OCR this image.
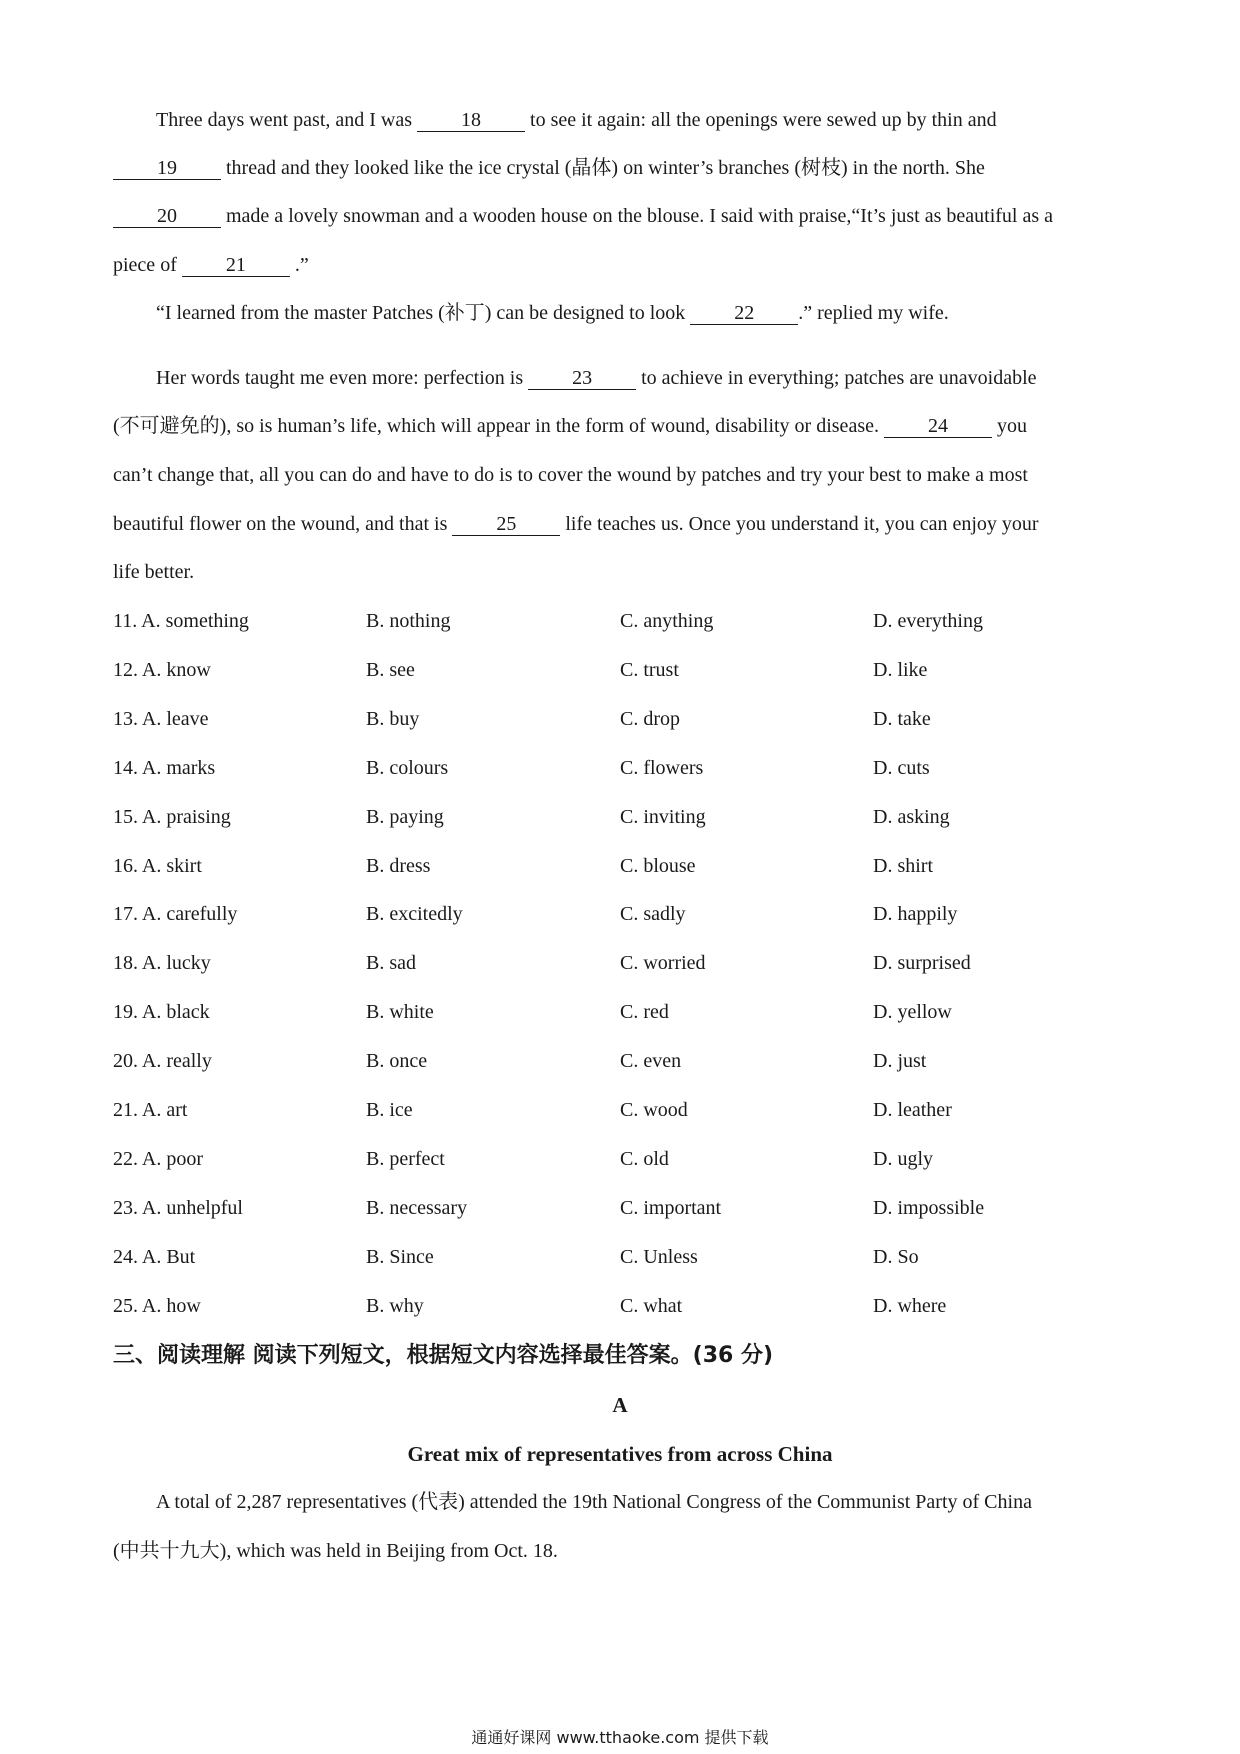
Three days went past, and I was 18 to see it again: all the openings were sewed up by thin and
19 thread and they looked like the ice crystal (晶体) on winter’s branches (树枝) in the north. She
20 made a lovely snowman and a wooden house on the blouse. I said with praise,“It’s just as beautiful as a
piece of 21 .”
“I learned from the master Patches (补丁) can be designed to look 22 .” replied my wife.
Her words taught me even more: perfection is 23 to achieve in everything; patches are unavoidable
(不可避免的), so is human’s life, which will appear in the form of wound, disability or disease. 24 you
can’t change that, all you can do and have to do is to cover the wound by patches and try your best to make a most
beautiful flower on the wound, and that is 25 life teaches us. Once you understand it, you can enjoy your
life better.
11. A. something	B. nothing	C. anything	D. everything
12. A. know	B. see	C. trust	D. like
13. A. leave	B. buy	C. drop	D. take
14. A. marks	B. colours	C. flowers	D. cuts
15. A. praising	B. paying	C. inviting	D. asking
16. A. skirt	B. dress	C. blouse	D. shirt
17. A. carefully	B. excitedly	C. sadly	D. happily
18. A. lucky	B. sad	C. worried	D. surprised
19. A. black	B. white	C. red	D. yellow
20. A. really	B. once	C. even	D. just
21. A. art	B. ice	C. wood	D. leather
22. A. poor	B. perfect	C. old	D. ugly
23. A. unhelpful	B. necessary	C. important	D. impossible
24. A. But	B. Since	C. Unless	D. So
25. A. how	B. why	C. what	D. where
三、阅读理解 阅读下列短文，根据短文内容选择最佳答案。(36 分)
A
Great mix of representatives from across China
A total of 2,287 representatives (代表) attended the 19th National Congress of the Communist Party of China
(中共十九大), which was held in Beijing from Oct. 18.
通通好课网 www.tthaoke.com 提供下载
